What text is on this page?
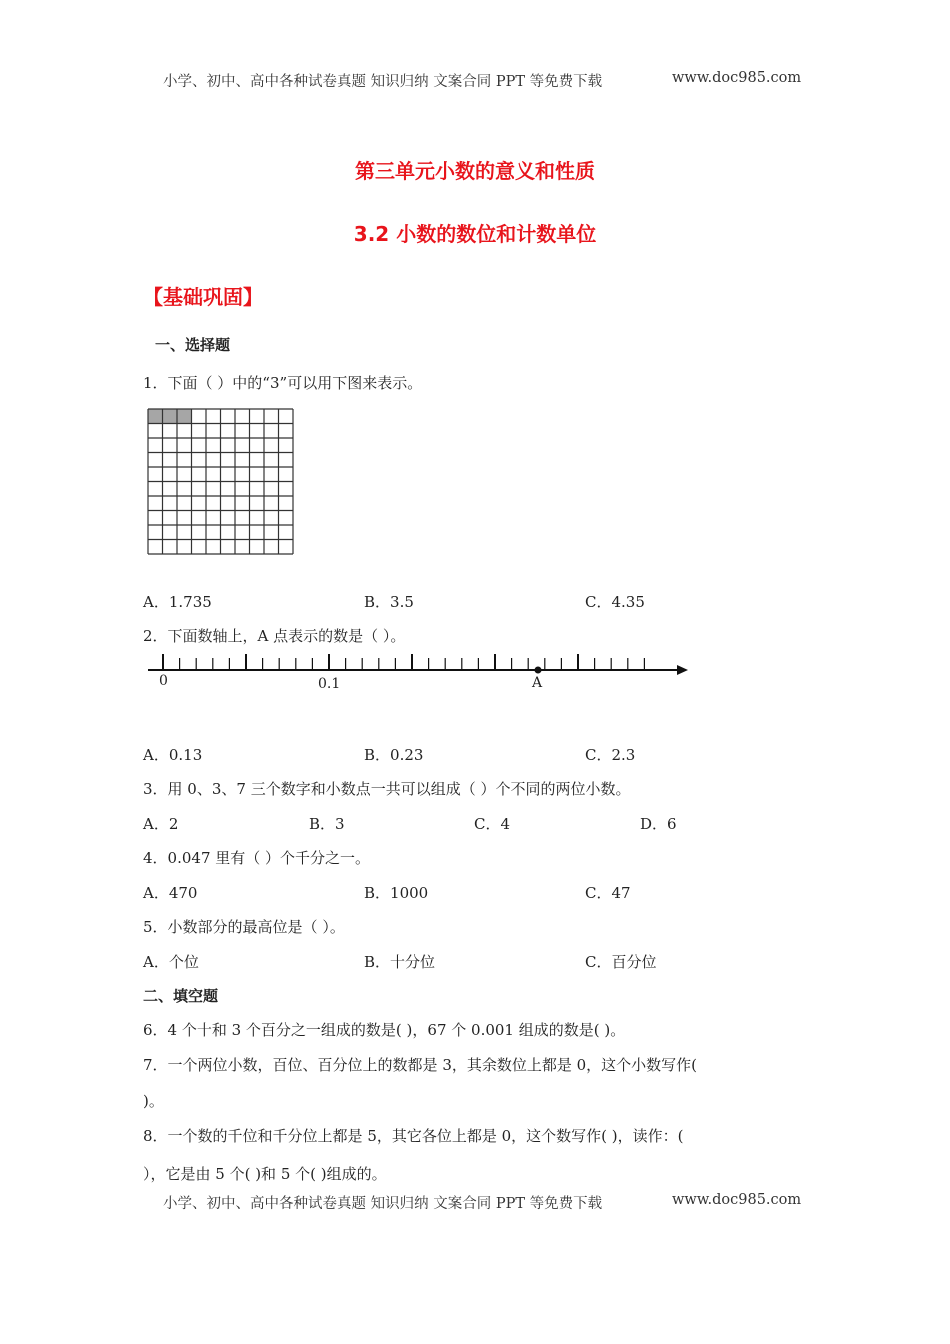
小学、初中、高中各种试卷真题 知识归纳 文案合同 PPT 等免费下载	www.doc985.com
第三单元小数的意义和性质
3.2 小数的数位和计数单位
【基础巩固】
一、选择题
1．下面（ ）中的“3”可以用下图来表示。
A．1.735	B．3.5	C．4.35
2．下面数轴上，A 点表示的数是（ ）。
0	0.1	A
A．0.13	B．0.23	C．2.3
3．用 0、3、7 三个数字和小数点一共可以组成（ ）个不同的两位小数。
A．2	B．3	C．4	D．6
4．0.047 里有（ ）个千分之一。
A．470	B．1000	C．47
5．小数部分的最高位是（ ）。
A．个位	B．十分位	C．百分位
二、填空题
6．4 个十和 3 个百分之一组成的数是( )，67 个 0.001 组成的数是( )。
7．一个两位小数，百位、百分位上的数都是 3，其余数位上都是 0，这个小数写作(
)。
8．一个数的千位和千分位上都是 5，其它各位上都是 0，这个数写作( )，读作：(
），它是由 5 个( )和 5 个( )组成的。
小学、初中、高中各种试卷真题 知识归纳 文案合同 PPT 等免费下载	www.doc985.com
